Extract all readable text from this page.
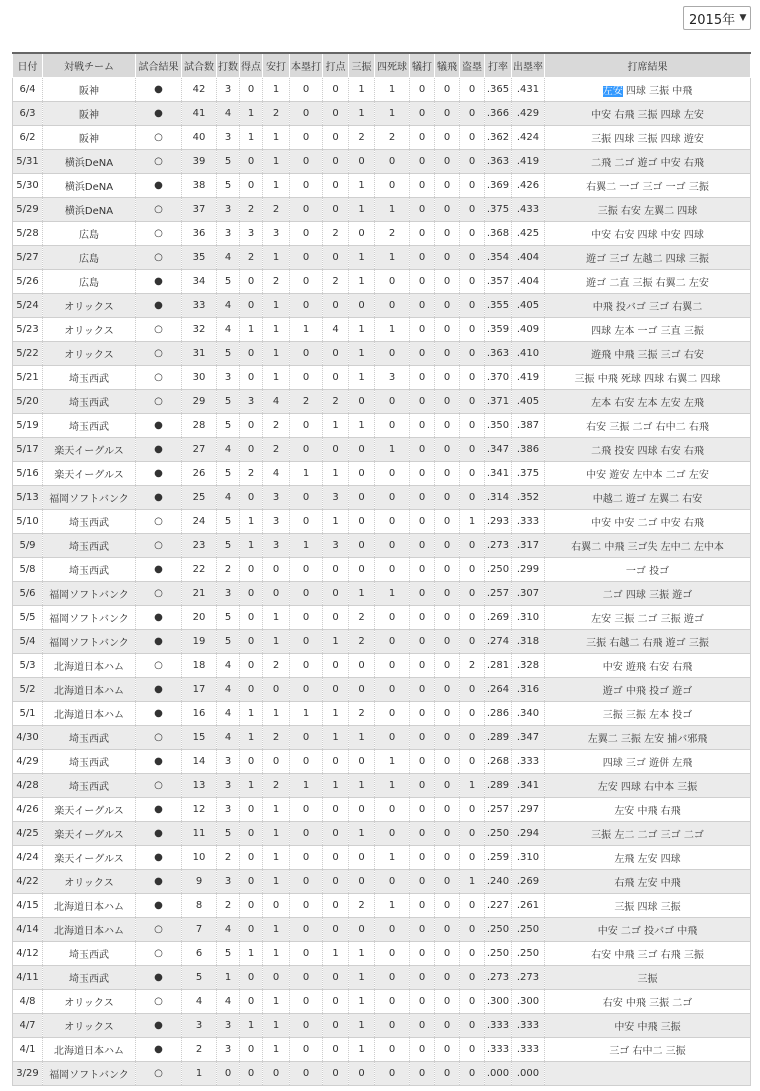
2015年 ▼
日付	対戦チーム	試合結果	試合数	打数	得点	安打	本塁打	打点	三振	四死球	犠打	犠飛	盗塁	打率	出塁率	打席結果
6/4	阪神	●	42	3	0	1	0	0	1	1	0	0	0	.365	.431	左安 四球 三振 中飛
6/3	阪神	●	41	4	1	2	0	0	1	1	0	0	0	.366	.429	中安 右飛 三振 四球 左安
6/2	阪神	○	40	3	1	1	0	0	2	2	0	0	0	.362	.424	三振 四球 三振 四球 遊安
5/31	横浜DeNA	○	39	5	0	1	0	0	0	0	0	0	0	.363	.419	二飛 二ゴ 遊ゴ 中安 右飛
5/30	横浜DeNA	●	38	5	0	1	0	0	1	0	0	0	0	.369	.426	右翼二 一ゴ 三ゴ 一ゴ 三振
5/29	横浜DeNA	○	37	3	2	2	0	0	1	1	0	0	0	.375	.433	三振 右安 左翼二 四球
5/28	広島	○	36	3	3	3	0	2	0	2	0	0	0	.368	.425	中安 右安 四球 中安 四球
5/27	広島	○	35	4	2	1	0	0	1	1	0	0	0	.354	.404	遊ゴ 三ゴ 左越二 四球 三振
5/26	広島	●	34	5	0	2	0	2	1	0	0	0	0	.357	.404	遊ゴ 二直 三振 右翼二 左安
5/24	オリックス	●	33	4	0	1	0	0	0	0	0	0	0	.355	.405	中飛 投バゴ 三ゴ 右翼二
5/23	オリックス	○	32	4	1	1	1	4	1	1	0	0	0	.359	.409	四球 左本 一ゴ 三直 三振
5/22	オリックス	○	31	5	0	1	0	0	1	0	0	0	0	.363	.410	遊飛 中飛 三振 三ゴ 右安
5/21	埼玉西武	○	30	3	0	1	0	0	1	3	0	0	0	.370	.419	三振 中飛 死球 四球 右翼二 四球
5/20	埼玉西武	○	29	5	3	4	2	2	0	0	0	0	0	.371	.405	左本 右安 左本 左安 左飛
5/19	埼玉西武	●	28	5	0	2	0	1	1	0	0	0	0	.350	.387	右安 三振 二ゴ 右中二 右飛
5/17	楽天イーグルス	●	27	4	0	2	0	0	0	1	0	0	0	.347	.386	二飛 投安 四球 右安 右飛
5/16	楽天イーグルス	●	26	5	2	4	1	1	0	0	0	0	0	.341	.375	中安 遊安 左中本 二ゴ 左安
5/13	福岡ソフトバンク	●	25	4	0	3	0	3	0	0	0	0	0	.314	.352	中越二 遊ゴ 左翼二 右安
5/10	埼玉西武	○	24	5	1	3	0	1	0	0	0	0	1	.293	.333	中安 中安 二ゴ 中安 右飛
5/9	埼玉西武	○	23	5	1	3	1	3	0	0	0	0	0	.273	.317	右翼二 中飛 三ゴ失 左中二 左中本
5/8	埼玉西武	●	22	2	0	0	0	0	0	0	0	0	0	.250	.299	一ゴ 投ゴ
5/6	福岡ソフトバンク	○	21	3	0	0	0	0	1	1	0	0	0	.257	.307	二ゴ 四球 三振 遊ゴ
5/5	福岡ソフトバンク	●	20	5	0	1	0	0	2	0	0	0	0	.269	.310	左安 三振 二ゴ 三振 遊ゴ
5/4	福岡ソフトバンク	●	19	5	0	1	0	1	2	0	0	0	0	.274	.318	三振 右越二 右飛 遊ゴ 三振
5/3	北海道日本ハム	○	18	4	0	2	0	0	0	0	0	0	2	.281	.328	中安 遊飛 右安 右飛
5/2	北海道日本ハム	●	17	4	0	0	0	0	0	0	0	0	0	.264	.316	遊ゴ 中飛 投ゴ 遊ゴ
5/1	北海道日本ハム	●	16	4	1	1	1	1	2	0	0	0	0	.286	.340	三振 三振 左本 投ゴ
4/30	埼玉西武	○	15	4	1	2	0	1	1	0	0	0	0	.289	.347	左翼二 三振 左安 捕バ邪飛
4/29	埼玉西武	●	14	3	0	0	0	0	0	1	0	0	0	.268	.333	四球 三ゴ 遊併 左飛
4/28	埼玉西武	○	13	3	1	2	1	1	1	1	0	0	1	.289	.341	左安 四球 右中本 三振
4/26	楽天イーグルス	●	12	3	0	1	0	0	0	0	0	0	0	.257	.297	左安 中飛 右飛
4/25	楽天イーグルス	●	11	5	0	1	0	0	1	0	0	0	0	.250	.294	三振 左二 二ゴ 三ゴ 二ゴ
4/24	楽天イーグルス	●	10	2	0	1	0	0	0	1	0	0	0	.259	.310	左飛 左安 四球
4/22	オリックス	●	9	3	0	1	0	0	0	0	0	0	1	.240	.269	右飛 左安 中飛
4/15	北海道日本ハム	●	8	2	0	0	0	0	2	1	0	0	0	.227	.261	三振 四球 三振
4/14	北海道日本ハム	○	7	4	0	1	0	0	0	0	0	0	0	.250	.250	中安 二ゴ 投バゴ 中飛
4/12	埼玉西武	○	6	5	1	1	0	1	1	0	0	0	0	.250	.250	右安 中飛 三ゴ 右飛 三振
4/11	埼玉西武	●	5	1	0	0	0	0	1	0	0	0	0	.273	.273	三振
4/8	オリックス	○	4	4	0	1	0	0	1	0	0	0	0	.300	.300	右安 中飛 三振 二ゴ
4/7	オリックス	●	3	3	1	1	0	0	1	0	0	0	0	.333	.333	中安 中飛 三振
4/1	北海道日本ハム	●	2	3	0	1	0	0	1	0	0	0	0	.333	.333	三ゴ 右中二 三振
3/29	福岡ソフトバンク	○	1	0	0	0	0	0	0	0	0	0	0	.000	.000	
